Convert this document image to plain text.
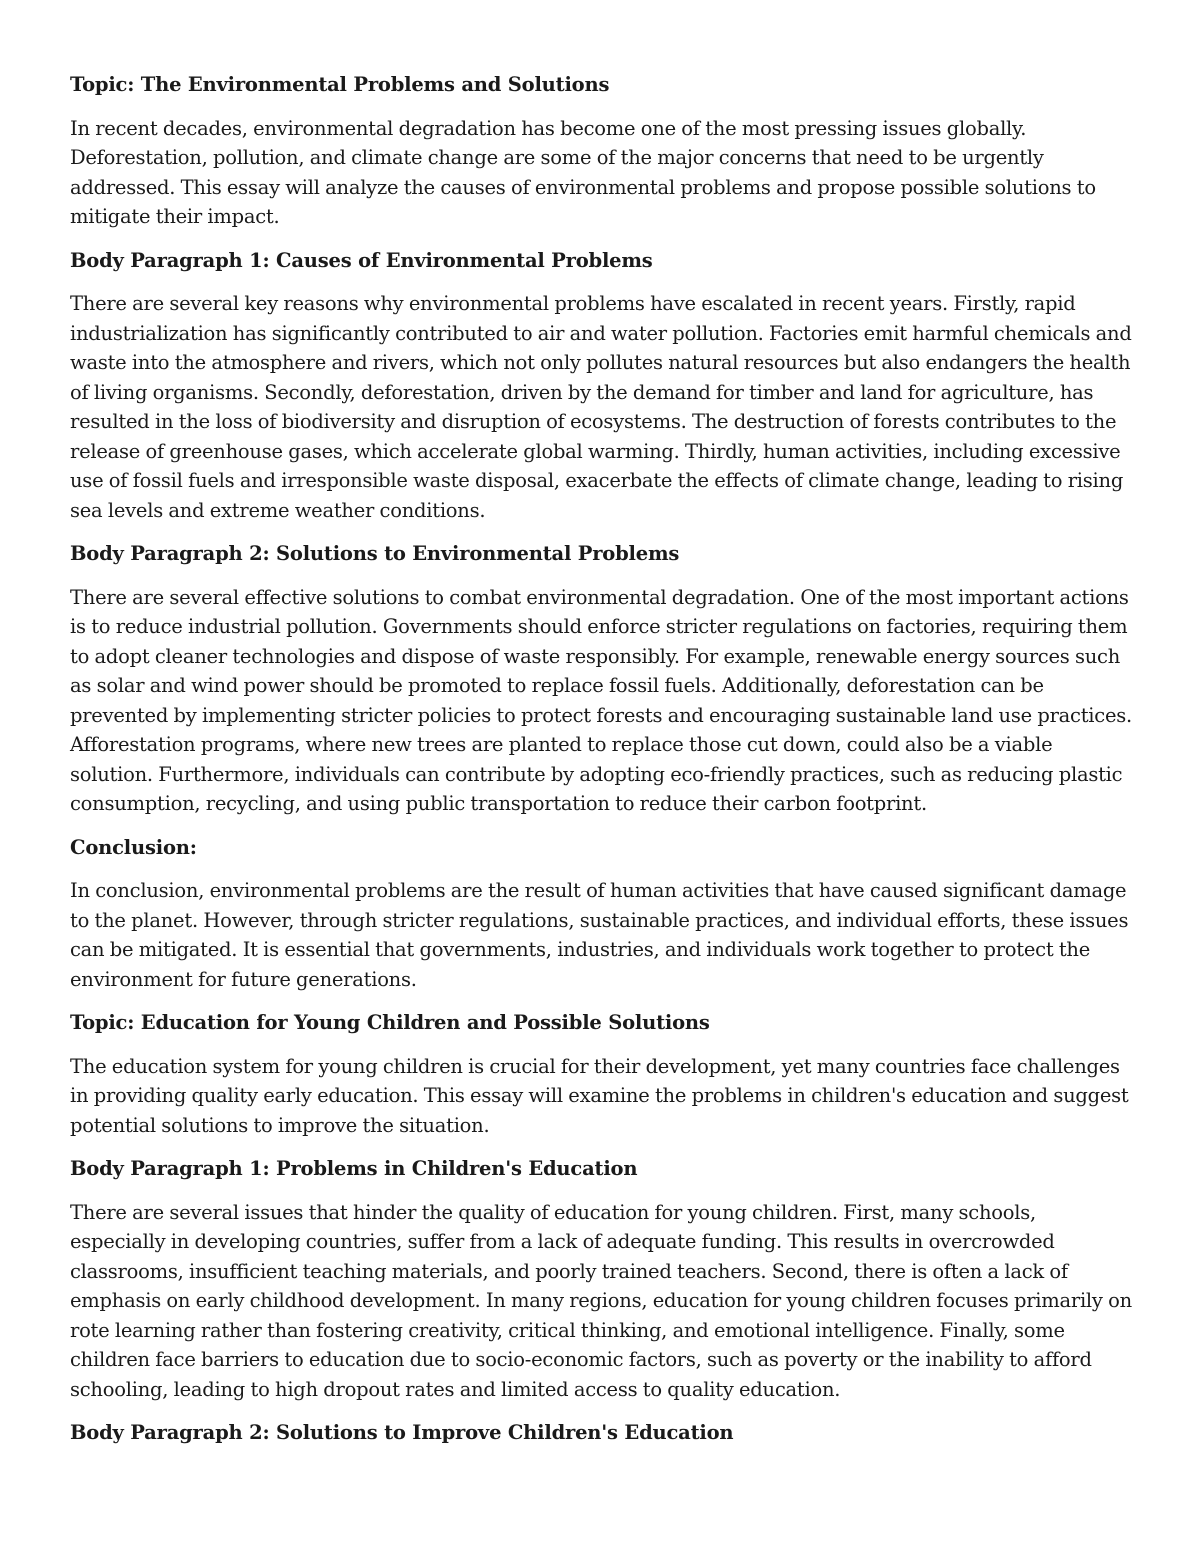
Topic: The Environmental Problems and Solutions

In recent decades, environmental degradation has become one of the most pressing issues globally. Deforestation, pollution, and climate change are some of the major concerns that need to be urgently addressed. This essay will analyze the causes of environmental problems and propose possible solutions to mitigate their impact.

Body Paragraph 1: Causes of Environmental Problems

There are several key reasons why environmental problems have escalated in recent years. Firstly, rapid industrialization has significantly contributed to air and water pollution. Factories emit harmful chemicals and waste into the atmosphere and rivers, which not only pollutes natural resources but also endangers the health of living organisms. Secondly, deforestation, driven by the demand for timber and land for agriculture, has resulted in the loss of biodiversity and disruption of ecosystems. The destruction of forests contributes to the release of greenhouse gases, which accelerate global warming. Thirdly, human activities, including excessive use of fossil fuels and irresponsible waste disposal, exacerbate the effects of climate change, leading to rising sea levels and extreme weather conditions.

Body Paragraph 2: Solutions to Environmental Problems

There are several effective solutions to combat environmental degradation. One of the most important actions is to reduce industrial pollution. Governments should enforce stricter regulations on factories, requiring them to adopt cleaner technologies and dispose of waste responsibly. For example, renewable energy sources such as solar and wind power should be promoted to replace fossil fuels. Additionally, deforestation can be prevented by implementing stricter policies to protect forests and encouraging sustainable land use practices. Afforestation programs, where new trees are planted to replace those cut down, could also be a viable solution. Furthermore, individuals can contribute by adopting eco-friendly practices, such as reducing plastic consumption, recycling, and using public transportation to reduce their carbon footprint.

Conclusion:

In conclusion, environmental problems are the result of human activities that have caused significant damage to the planet. However, through stricter regulations, sustainable practices, and individual efforts, these issues can be mitigated. It is essential that governments, industries, and individuals work together to protect the environment for future generations.

Topic: Education for Young Children and Possible Solutions

The education system for young children is crucial for their development, yet many countries face challenges in providing quality early education. This essay will examine the problems in children's education and suggest potential solutions to improve the situation.

Body Paragraph 1: Problems in Children's Education

There are several issues that hinder the quality of education for young children. First, many schools, especially in developing countries, suffer from a lack of adequate funding. This results in overcrowded classrooms, insufficient teaching materials, and poorly trained teachers. Second, there is often a lack of emphasis on early childhood development. In many regions, education for young children focuses primarily on rote learning rather than fostering creativity, critical thinking, and emotional intelligence. Finally, some children face barriers to education due to socio-economic factors, such as poverty or the inability to afford schooling, leading to high dropout rates and limited access to quality education.

Body Paragraph 2: Solutions to Improve Children's Education
